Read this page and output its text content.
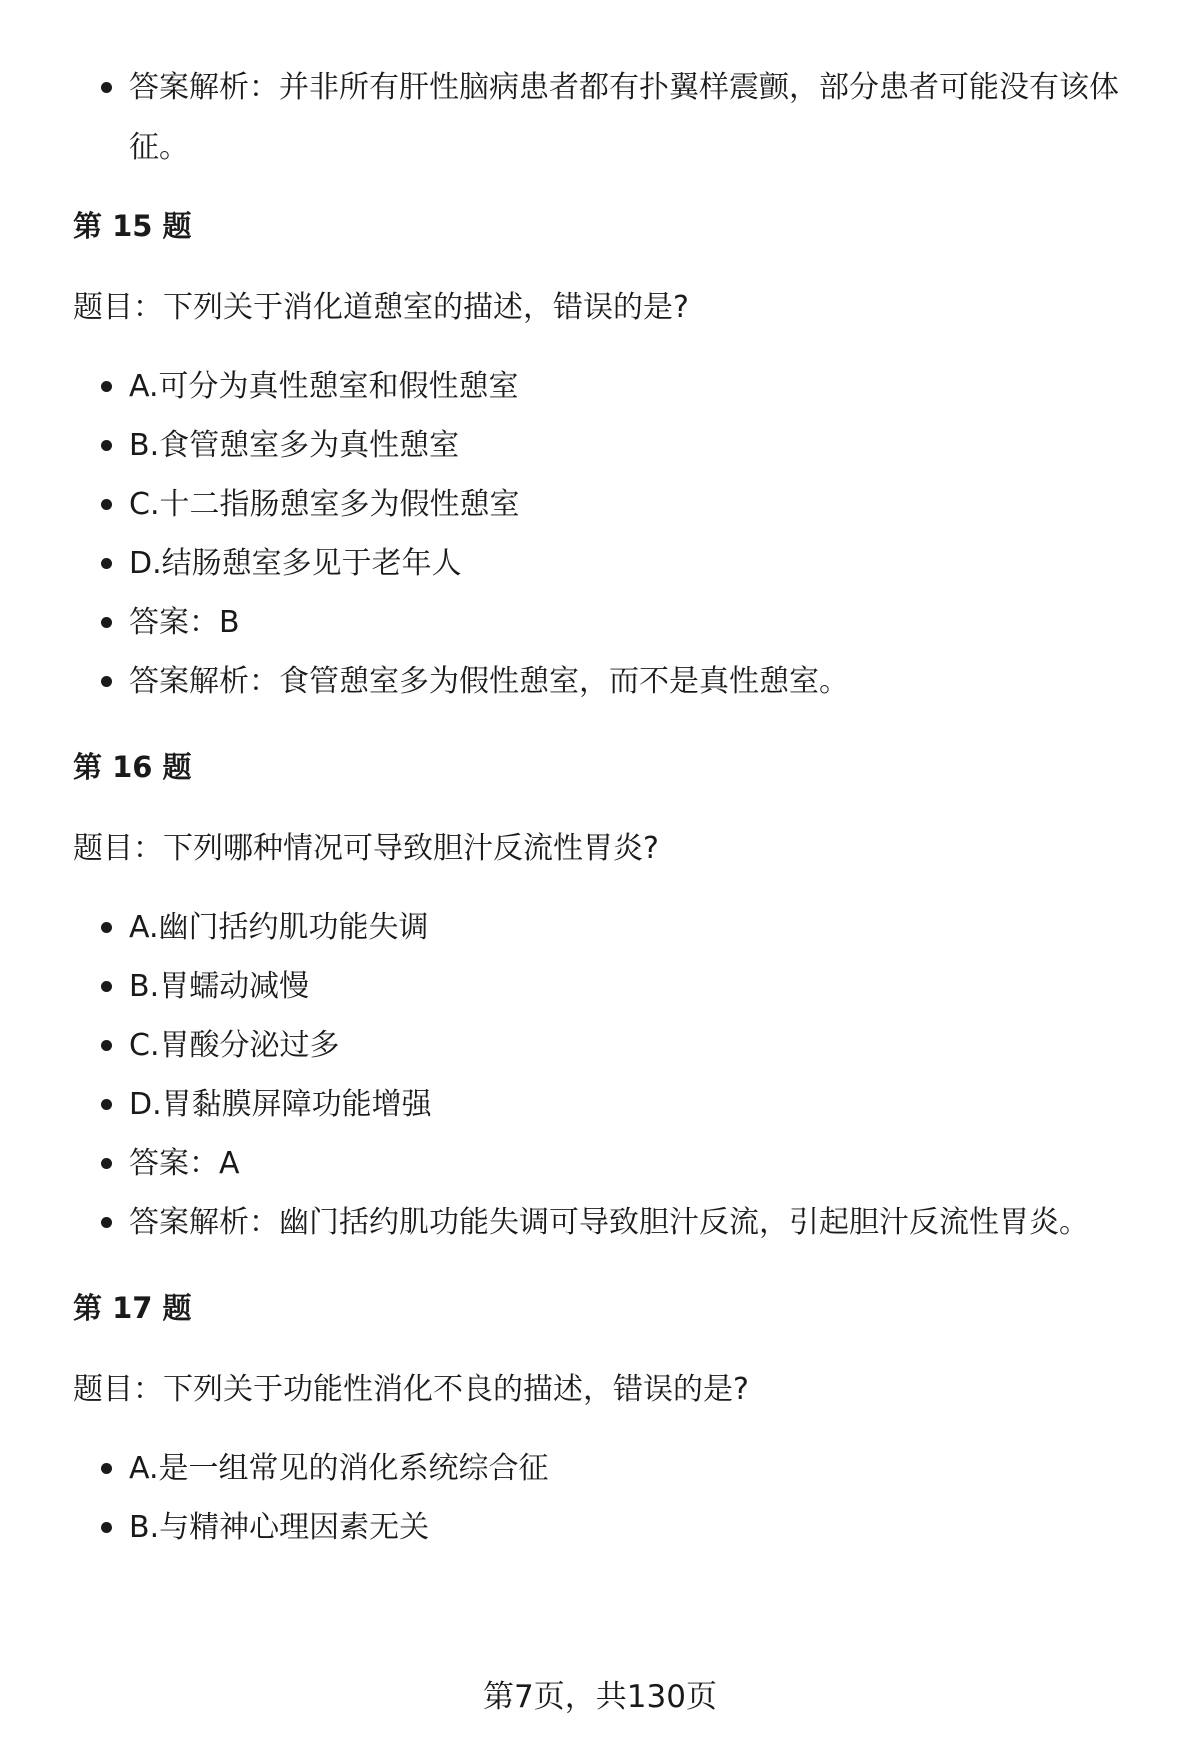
答案解析：并非所有肝性脑病患者都有扑翼样震颤，部分患者可能没有该体征。
第 15 题
题目：下列关于消化道憩室的描述，错误的是?
A.可分为真性憩室和假性憩室
B.食管憩室多为真性憩室
C.十二指肠憩室多为假性憩室
D.结肠憩室多见于老年人
答案：B
答案解析：食管憩室多为假性憩室，而不是真性憩室。
第 16 题
题目：下列哪种情况可导致胆汁反流性胃炎?
A.幽门括约肌功能失调
B.胃蠕动减慢
C.胃酸分泌过多
D.胃黏膜屏障功能增强
答案：A
答案解析：幽门括约肌功能失调可导致胆汁反流，引起胆汁反流性胃炎。
第 17 题
题目：下列关于功能性消化不良的描述，错误的是?
A.是一组常见的消化系统综合征
B.与精神心理因素无关
第7页，共130页
